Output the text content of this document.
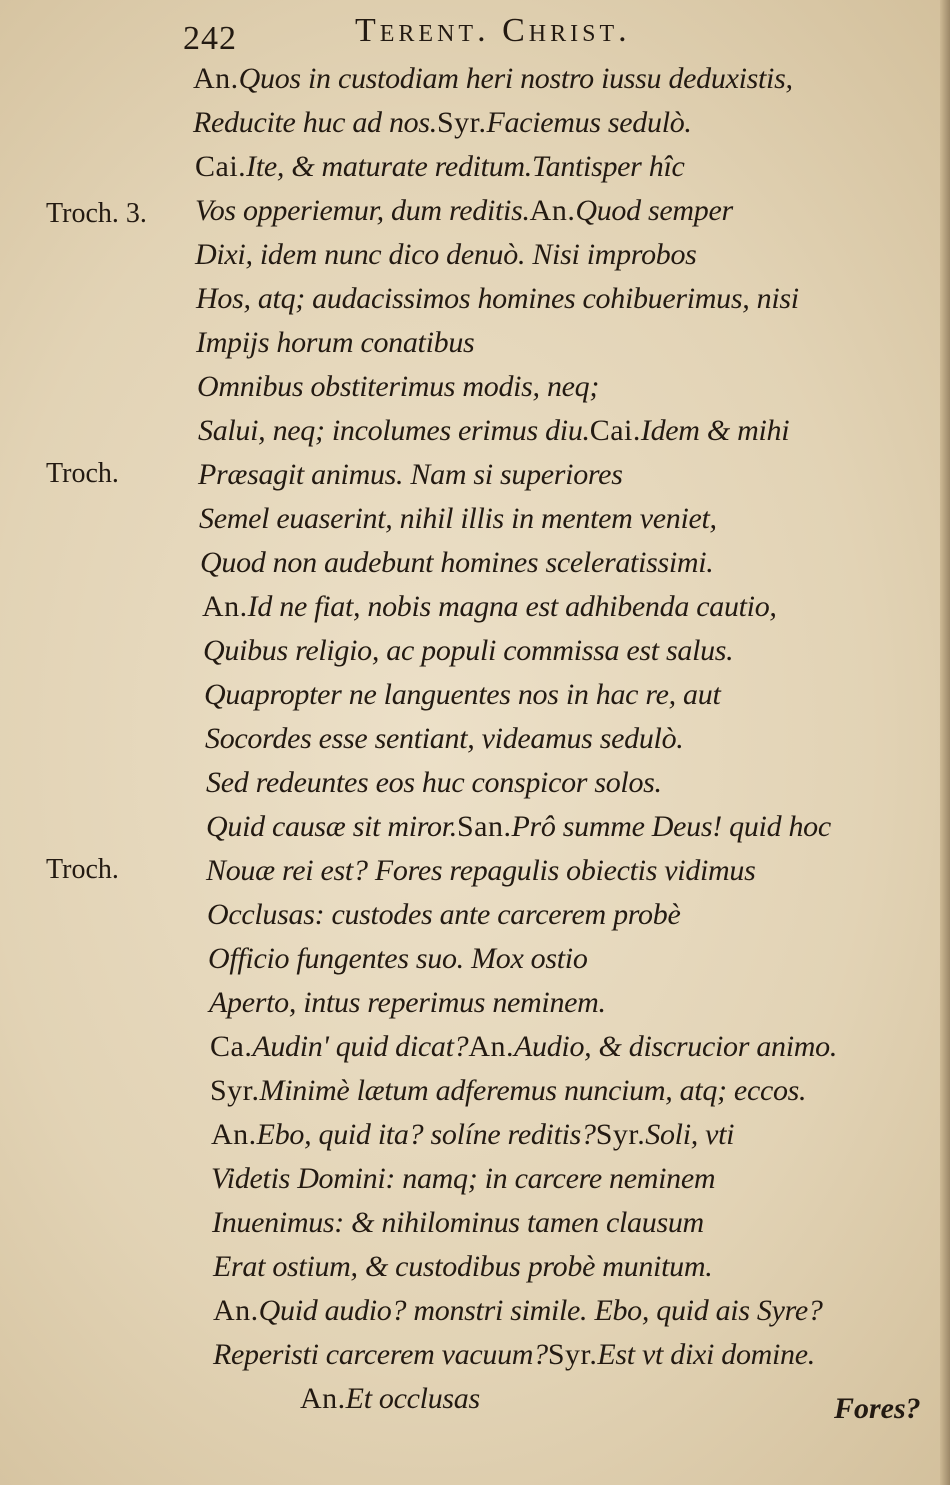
242	Terent. Christ.
Troch. 3.
Troch.
Troch.
An.Quos in custodiam heri nostro iussu deduxistis,
Reducite huc ad nos.Syr.Faciemus sedulò.
Cai.Ite, & maturate reditum.Tantisper hîc
Vos opperiemur, dum reditis.An.Quod semper
Dixi, idem nunc dico denuò. Nisi improbos
Hos, atq; audacissimos homines cohibuerimus, nisi
Impijs horum conatibus
Omnibus obstiterimus modis, neq;
Salui, neq; incolumes erimus diu.Cai.Idem & mihi
Præsagit animus. Nam si superiores
Semel euaserint, nihil illis in mentem veniet,
Quod non audebunt homines sceleratissimi.
An.Id ne fiat, nobis magna est adhibenda cautio,
Quibus religio, ac populi commissa est salus.
Quapropter ne languentes nos in hac re, aut
Socordes esse sentiant, videamus sedulò.
Sed redeuntes eos huc conspicor solos.
Quid causæ sit miror.San.Prô summe Deus! quid hoc
Nouæ rei est? Fores repagulis obiectis vidimus
Occlusas: custodes ante carcerem probè
Officio fungentes suo. Mox ostio
Aperto, intus reperimus neminem.
Ca.Audin' quid dicat?An.Audio, & discrucior animo.
Syr.Minimè lætum adferemus nuncium, atq; eccos.
An.Ebo, quid ita? solíne reditis?Syr.Soli, vti
Videtis Domini: namq; in carcere neminem
Inuenimus: & nihilominus tamen clausum
Erat ostium, & custodibus probè munitum.
An.Quid audio? monstri simile. Ebo, quid ais Syre?
Reperisti carcerem vacuum?Syr.Est vt dixi domine.
An.Et occlusas	Fores?
